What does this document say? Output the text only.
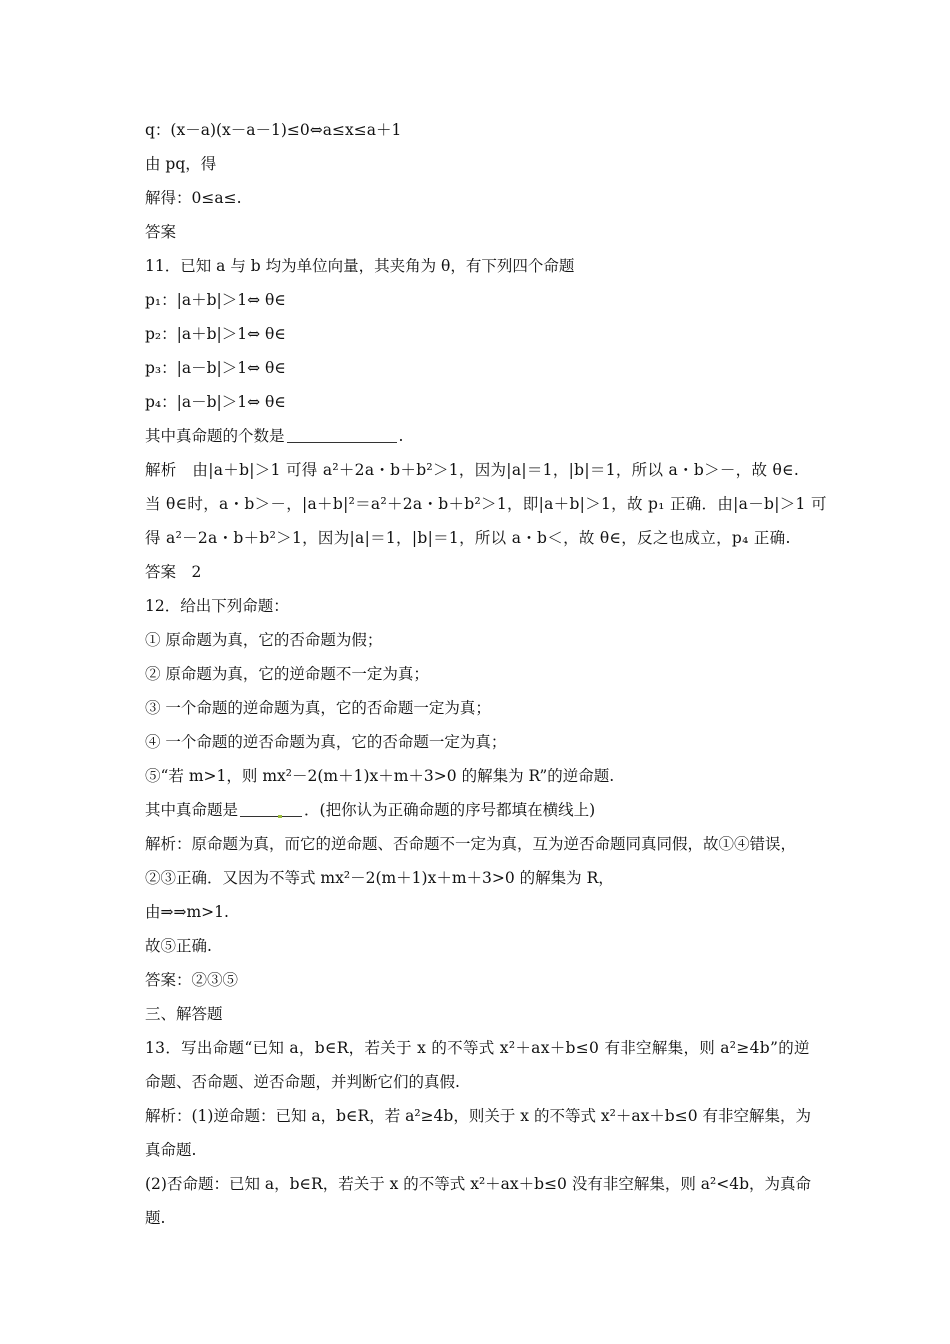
q：(x－a)(x－a－1)≤0⇔a≤x≤a＋1
由 pq，得
解得：0≤a≤.
答案
11．已知 a 与 b 均为单位向量，其夹角为 θ，有下列四个命题
p₁：|a＋b|＞1⇔ θ∈
p₂：|a＋b|＞1⇔ θ∈
p₃：|a－b|＞1⇔ θ∈
p₄：|a－b|＞1⇔ θ∈
其中真命题的个数是	.
解析　由|a＋b|＞1 可得 a²＋2a・b＋b²＞1，因为|a|＝1，|b|＝1，所以 a・b＞－，故 θ∈.
当 θ∈时，a・b＞－，|a＋b|²＝a²＋2a・b＋b²＞1，即|a＋b|＞1，故 p₁ 正确．由|a－b|＞1 可
得 a²－2a・b＋b²＞1，因为|a|＝1，|b|＝1，所以 a・b＜，故 θ∈，反之也成立，p₄ 正确.
答案　2
12．给出下列命题：
① 原命题为真，它的否命题为假；
② 原命题为真，它的逆命题不一定为真；
③ 一个命题的逆命题为真，它的否命题一定为真；
④ 一个命题的逆否命题为真，它的否命题一定为真；
⑤“若 m>1，则 mx²－2(m＋1)x＋m＋3>0 的解集为 R”的逆命题.
其中真命题是	．(把你认为正确命题的序号都填在横线上)
解析：原命题为真，而它的逆命题、否命题不一定为真，互为逆否命题同真同假，故①④错误，
②③正确．又因为不等式 mx²－2(m＋1)x＋m＋3>0 的解集为 R，
由⇒⇒m>1.
故⑤正确.
答案：②③⑤
三、解答题
13．写出命题“已知 a，b∈R，若关于 x 的不等式 x²＋ax＋b≤0 有非空解集，则 a²≥4b”的逆
命题、否命题、逆否命题，并判断它们的真假.
解析：(1)逆命题：已知 a，b∈R，若 a²≥4b，则关于 x 的不等式 x²＋ax＋b≤0 有非空解集，为
真命题.
(2)否命题：已知 a，b∈R，若关于 x 的不等式 x²＋ax＋b≤0 没有非空解集，则 a²<4b，为真命
题.
